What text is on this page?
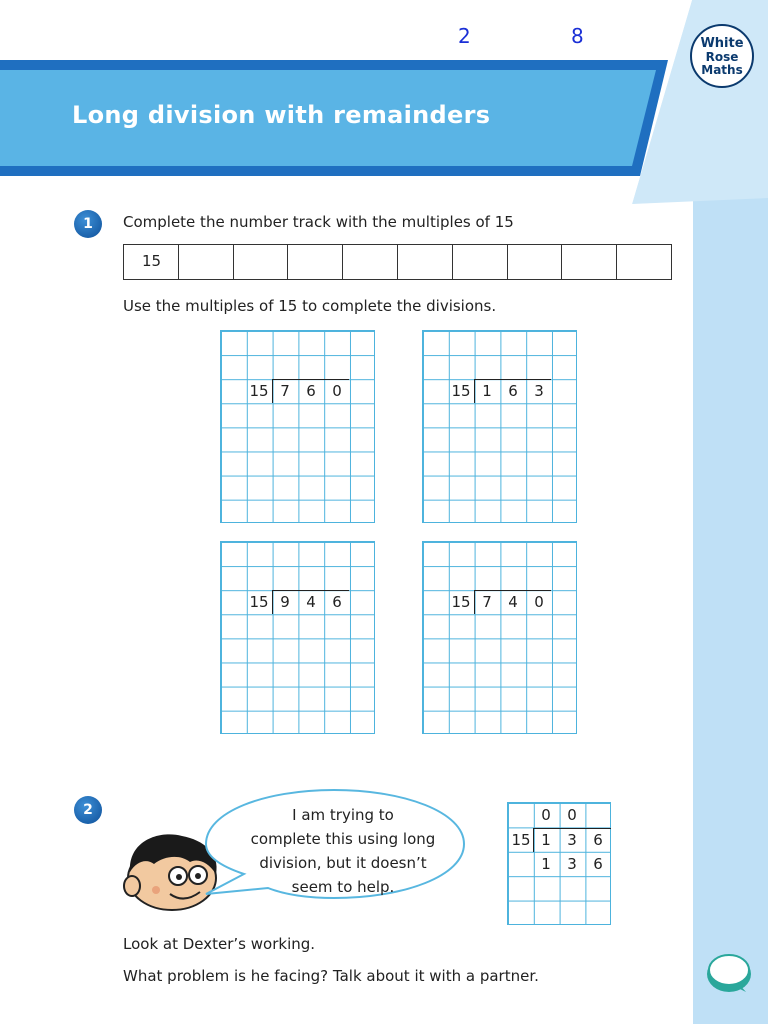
2	8
Long division with remainders
White
Rose
Maths
1	Complete the number track with the multiples of 15
15
Use the multiples of 15 to complete the divisions.
15 7	6	0	15 1	6	3
15 9	4	6	15 7	4	0
2	I am trying to
complete this using long
division, but it doesn’t
seem to help.
0	0
15 1	3	6
1	3	6
Look at Dexter’s working.
What problem is he facing? Talk about it with a partner.
